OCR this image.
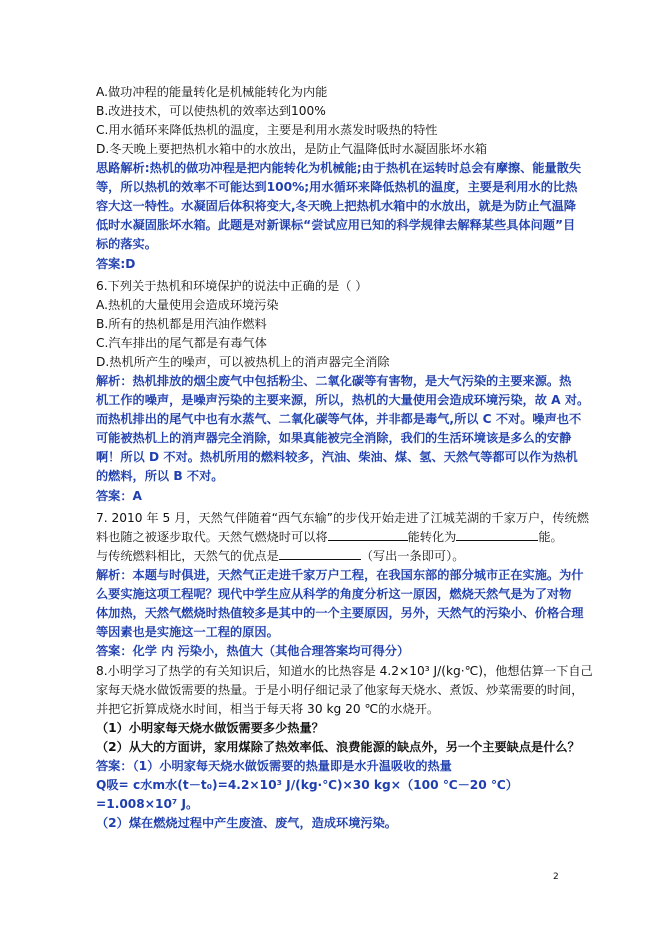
A.做功冲程的能量转化是机械能转化为内能
B.改进技术，可以使热机的效率达到100%
C.用水循环来降低热机的温度，主要是利用水蒸发时吸热的特性
D.冬天晚上要把热机水箱中的水放出，是防止气温降低时水凝固胀坏水箱
思路解析:热机的做功冲程是把内能转化为机械能;由于热机在运转时总会有摩擦、能量散失
等，所以热机的效率不可能达到100%;用水循环来降低热机的温度，主要是利用水的比热
容大这一特性。水凝固后体积将变大,冬天晚上把热机水箱中的水放出，就是为防止气温降
低时水凝固胀坏水箱。此题是对新课标“尝试应用已知的科学规律去解释某些具体问题”目
标的落实。
答案:D
6.下列关于热机和环境保护的说法中正确的是（ ）
A.热机的大量使用会造成环境污染
B.所有的热机都是用汽油作燃料
C.汽车排出的尾气都是有毒气体
D.热机所产生的噪声，可以被热机上的消声器完全消除
解析：热机排放的烟尘废气中包括粉尘、二氧化碳等有害物，是大气污染的主要来源。热
机工作的噪声，是噪声污染的主要来源，所以，热机的大量使用会造成环境污染，故 A 对。
而热机排出的尾气中也有水蒸气、二氧化碳等气体，并非都是毒气,所以 C 不对。噪声也不
可能被热机上的消声器完全消除，如果真能被完全消除，我们的生活环境该是多么的安静
啊！所以 D 不对。热机所用的燃料较多，汽油、柴油、煤、氢、天然气等都可以作为热机
的燃料，所以 B 不对。
答案：A
7. 2010 年 5 月，天然气伴随着“西气东输”的步伐开始走进了江城芜湖的千家万户，传统燃
料也随之被逐步取代。天然气燃烧时可以将	能转化为	能。
与传统燃料相比，天然气的优点是	（写出一条即可）。
解析：本题与时俱进，天然气正走进千家万户工程，在我国东部的部分城市正在实施。为什
么要实施这项工程呢？现代中学生应从科学的角度分析这一原因，燃烧天然气是为了对物
体加热，天然气燃烧时热值较多是其中的一个主要原因，另外，天然气的污染小、价格合理
等因素也是实施这一工程的原因。
答案：化学 内 污染小，热值大（其他合理答案均可得分）
8.小明学习了热学的有关知识后，知道水的比热容是 4.2×10³ J/(kg·℃)，他想估算一下自己
家每天烧水做饭需要的热量。于是小明仔细记录了他家每天烧水、煮饭、炒菜需要的时间，
并把它折算成烧水时间，相当于每天将 30 kg 20 ℃的水烧开。
（1）小明家每天烧水做饭需要多少热量？
（2）从大的方面讲，家用煤除了热效率低、浪费能源的缺点外，另一个主要缺点是什么？
答案：（1）小明家每天烧水做饭需要的热量即是水升温吸收的热量
Q吸= c水m水(t－t₀)=4.2×10³ J/(kg·℃)×30 kg×（100 ℃－20 ℃）
=1.008×10⁷ J。
（2）煤在燃烧过程中产生废渣、废气，造成环境污染。
2
